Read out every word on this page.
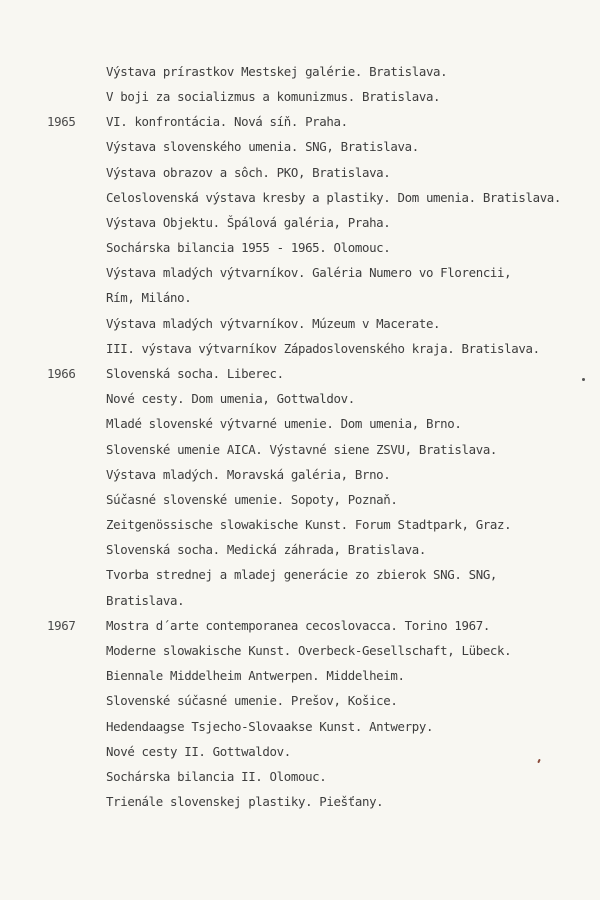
Výstava prírastkov Mestskej galérie. Bratislava.
V boji za socializmus a komunizmus. Bratislava.
1965 VI. konfrontácia. Nová síň. Praha.
Výstava slovenského umenia. SNG, Bratislava.
Výstava obrazov a sôch. PKO, Bratislava.
Celoslovenská výstava kresby a plastiky. Dom umenia. Bratislava.
Výstava Objektu. Špálová galéria, Praha.
Sochárska bilancia 1955 - 1965. Olomouc.
Výstava mladých výtvarníkov. Galéria Numero vo Florencii,
Rím, Miláno.
Výstava mladých výtvarníkov. Múzeum v Macerate.
III. výstava výtvarníkov Západoslovenského kraja. Bratislava.
1966 Slovenská socha. Liberec.
Nové cesty. Dom umenia, Gottwaldov.
Mladé slovenské výtvarné umenie. Dom umenia, Brno.
Slovenské umenie AICA. Výstavné siene ZSVU, Bratislava.
Výstava mladých. Moravská galéria, Brno.
Súčasné slovenské umenie. Sopoty, Poznaň.
Zeitgenössische slowakische Kunst. Forum Stadtpark, Graz.
Slovenská socha. Medická záhrada, Bratislava.
Tvorba strednej a mladej generácie zo zbierok SNG. SNG,
Bratislava.
1967 Mostra d´arte contemporanea cecoslovacca. Torino 1967.
Moderne slowakische Kunst. Overbeck-Gesellschaft, Lübeck.
Biennale Middelheim Antwerpen. Middelheim.
Slovenské súčasné umenie. Prešov, Košice.
Hedendaagse Tsjecho-Slovaakse Kunst. Antwerpy.
Nové cesty II. Gottwaldov.
Sochárska bilancia II. Olomouc.
Trienále slovenskej plastiky. Piešťany.
